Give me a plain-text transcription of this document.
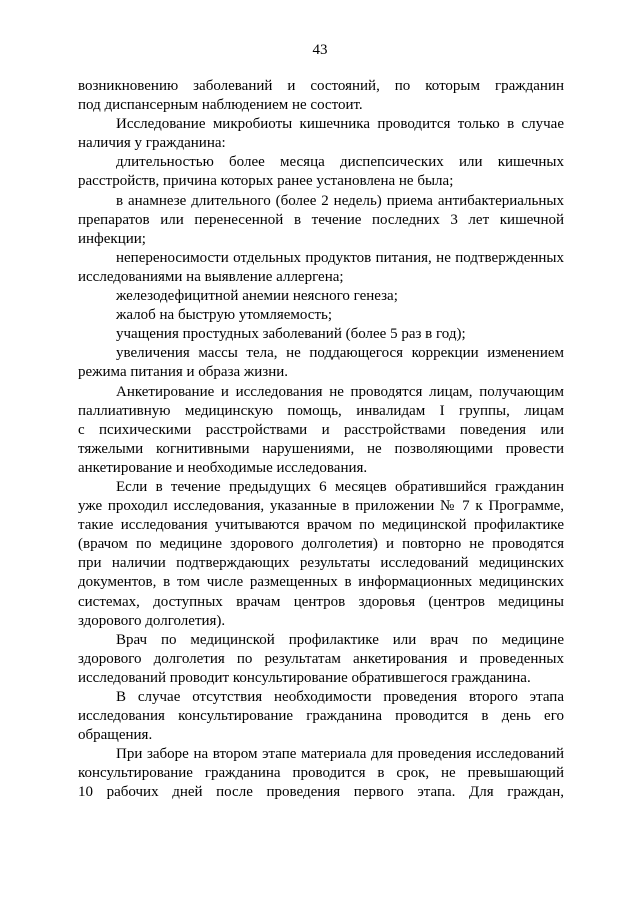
43
возникновению заболеваний и состояний, по которым гражданин
под диспансерным наблюдением не состоит.
Исследование микробиоты кишечника проводится только в случае
наличия у гражданина:
длительностью более месяца диспепсических или кишечных
расстройств, причина которых ранее установлена не была;
в анамнезе длительного (более 2 недель) приема антибактериальных
препаратов или перенесенной в течение последних 3 лет кишечной
инфекции;
непереносимости отдельных продуктов питания, не подтвержденных
исследованиями на выявление аллергена;
железодефицитной анемии неясного генеза;
жалоб на быструю утомляемость;
учащения простудных заболеваний (более 5 раз в год);
увеличения массы тела, не поддающегося коррекции изменением
режима питания и образа жизни.
Анкетирование и исследования не проводятся лицам, получающим
паллиативную медицинскую помощь, инвалидам I группы, лицам
с психическими расстройствами и расстройствами поведения или
тяжелыми когнитивными нарушениями, не позволяющими провести
анкетирование и необходимые исследования.
Если в течение предыдущих 6 месяцев обратившийся гражданин
уже проходил исследования, указанные в приложении № 7 к Программе,
такие исследования учитываются врачом по медицинской профилактике
(врачом по медицине здорового долголетия) и повторно не проводятся
при наличии подтверждающих результаты исследований медицинских
документов, в том числе размещенных в информационных медицинских
системах, доступных врачам центров здоровья (центров медицины
здорового долголетия).
Врач по медицинской профилактике или врач по медицине
здорового долголетия по результатам анкетирования и проведенных
исследований проводит консультирование обратившегося гражданина.
В случае отсутствия необходимости проведения второго этапа
исследования консультирование гражданина проводится в день его
обращения.
При заборе на втором этапе материала для проведения исследований
консультирование гражданина проводится в срок, не превышающий
10 рабочих дней после проведения первого этапа. Для граждан,
